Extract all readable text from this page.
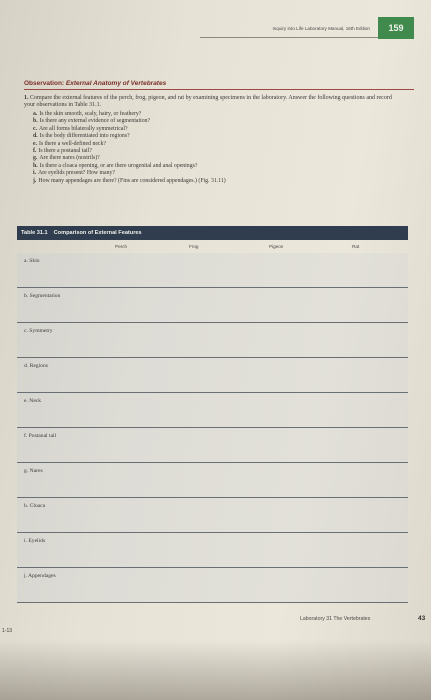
Inquiry into Life Laboratory Manual, 16th Edition	159
Observation: External Anatomy of Vertebrates
1. Compare the external features of the perch, frog, pigeon, and rat by examining specimens in the laboratory. Answer the following questions and record your observations in Table 31.1.
a. Is the skin smooth, scaly, hairy, or feathery?
b. Is there any external evidence of segmentation?
c. Are all forms bilaterally symmetrical?
d. Is the body differentiated into regions?
e. Is there a well-defined neck?
f. Is there a postanal tail?
g. Are there nares (nostrils)?
h. Is there a cloaca opening, or are there urogenital and anal openings?
i. Are eyelids present? How many?
j. How many appendages are there? (Fins are considered appendages.) (Fig. 31.11)
Table 31.1 Comparison of External Features
Perch	Frog	Pigeon	Rat
a. Skin
b. Segmentation
c. Symmetry
d. Regions
e. Neck
f. Postanal tail
g. Nares
h. Cloaca
i. Eyelids
j. Appendages
Laboratory 31 The Vertebrates	43
1-13
